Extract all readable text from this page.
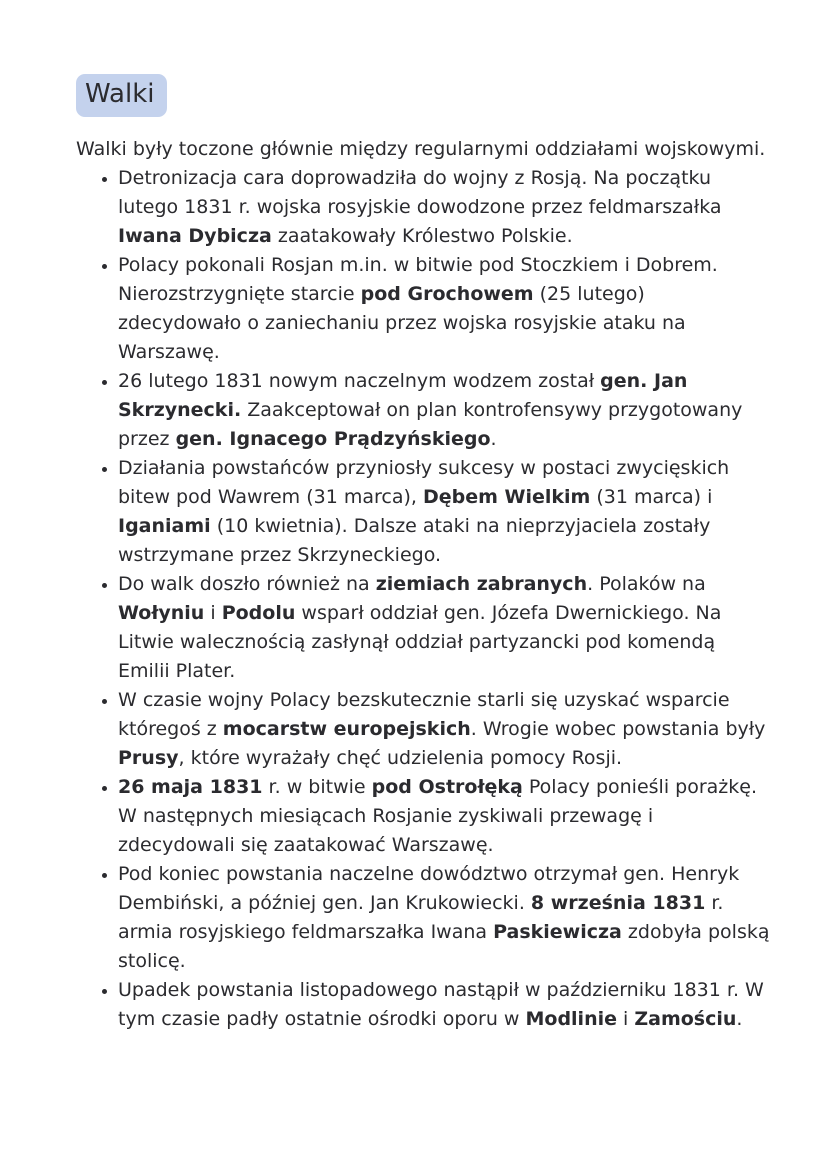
Walki

Walki były toczone głównie między regularnymi oddziałami wojskowymi.

• Detronizacja cara doprowadziła do wojny z Rosją. Na początku lutego 1831 r. wojska rosyjskie dowodzone przez feldmarszałka Iwana Dybicza zaatakowały Królestwo Polskie.
• Polacy pokonali Rosjan m.in. w bitwie pod Stoczkiem i Dobrem. Nierozstrzygnięte starcie pod Grochowem (25 lutego) zdecydowało o zaniechaniu przez wojska rosyjskie ataku na Warszawę.
• 26 lutego 1831 nowym naczelnym wodzem został gen. Jan Skrzynecki. Zaakceptował on plan kontrofensywy przygotowany przez gen. Ignacego Prądzyńskiego.
• Działania powstańców przyniosły sukcesy w postaci zwycięskich bitew pod Wawrem (31 marca), Dębem Wielkim (31 marca) i Iganiami (10 kwietnia). Dalsze ataki na nieprzyjaciela zostały wstrzymane przez Skrzyneckiego.
• Do walk doszło również na ziemiach zabranych. Polaków na Wołyniu i Podolu wsparł oddział gen. Józefa Dwernickiego. Na Litwie walecznością zasłynął oddział partyzancki pod komendą Emilii Plater.
• W czasie wojny Polacy bezskutecznie starli się uzyskać wsparcie któregoś z mocarstw europejskich. Wrogie wobec powstania były Prusy, które wyrażały chęć udzielenia pomocy Rosji.
• 26 maja 1831 r. w bitwie pod Ostrołęką Polacy ponieśli porażkę. W następnych miesiącach Rosjanie zyskiwali przewagę i zdecydowali się zaatakować Warszawę.
• Pod koniec powstania naczelne dowództwo otrzymał gen. Henryk Dembiński, a później gen. Jan Krukowiecki. 8 września 1831 r. armia rosyjskiego feldmarszałka Iwana Paskiewicza zdobyła polską stolicę.
• Upadek powstania listopadowego nastąpił w październiku 1831 r. W tym czasie padły ostatnie ośrodki oporu w Modlinie i Zamościu.
